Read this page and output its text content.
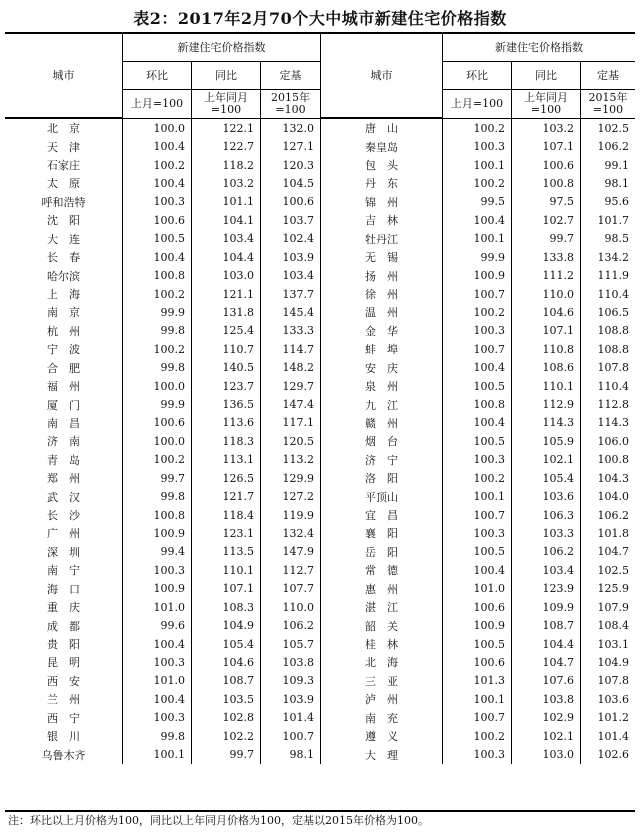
表2：2017年2月70个大中城市新建住宅价格指数
城市
新建住宅价格指数
环比	同比	定基
上月=100	上年同月=100
2015年=100
城市
新建住宅价格指数
环比	同比	定基
上月=100	上年同月=100
2015年=100
北　京	100.0	122.1	132.0	唐　山	100.2	103.2	102.5
天　津	100.4	122.7	127.1	秦皇岛	100.3	107.1	106.2
石家庄	100.2	118.2	120.3	包　头	100.1	100.6	99.1
太　原	100.4	103.2	104.5	丹　东	100.2	100.8	98.1
呼和浩特	100.3	101.1	100.6	锦　州	99.5	97.5	95.6
沈　阳	100.6	104.1	103.7	吉　林	100.4	102.7	101.7
大　连	100.5	103.4	102.4	牡丹江	100.1	99.7	98.5
长　春	100.4	104.4	103.9	无　锡	99.9	133.8	134.2
哈尔滨	100.8	103.0	103.4	扬　州	100.9	111.2	111.9
上　海	100.2	121.1	137.7	徐　州	100.7	110.0	110.4
南　京	99.9	131.8	145.4	温　州	100.2	104.6	106.5
杭　州	99.8	125.4	133.3	金　华	100.3	107.1	108.8
宁　波	100.2	110.7	114.7	蚌　埠	100.7	110.8	108.8
合　肥	99.8	140.5	148.2	安　庆	100.4	108.6	107.8
福　州	100.0	123.7	129.7	泉　州	100.5	110.1	110.4
厦　门	99.9	136.5	147.4	九　江	100.8	112.9	112.8
南　昌	100.6	113.6	117.1	赣　州	100.4	114.3	114.3
济　南	100.0	118.3	120.5	烟　台	100.5	105.9	106.0
青　岛	100.2	113.1	113.2	济　宁	100.3	102.1	100.8
郑　州	99.7	126.5	129.9	洛　阳	100.2	105.4	104.3
武　汉	99.8	121.7	127.2	平顶山	100.1	103.6	104.0
长　沙	100.8	118.4	119.9	宜　昌	100.7	106.3	106.2
广　州	100.9	123.1	132.4	襄　阳	100.3	103.3	101.8
深　圳	99.4	113.5	147.9	岳　阳	100.5	106.2	104.7
南　宁	100.3	110.1	112.7	常　德	100.4	103.4	102.5
海　口	100.9	107.1	107.7	惠　州	101.0	123.9	125.9
重　庆	101.0	108.3	110.0	湛　江	100.6	109.9	107.9
成　都	99.6	104.9	106.2	韶　关	100.9	108.7	108.4
贵　阳	100.4	105.4	105.7	桂　林	100.5	104.4	103.1
昆　明	100.3	104.6	103.8	北　海	100.6	104.7	104.9
西　安	101.0	108.7	109.3	三　亚	101.3	107.6	107.8
兰　州	100.4	103.5	103.9	泸　州	100.1	103.8	103.6
西　宁	100.3	102.8	101.4	南　充	100.7	102.9	101.2
银　川	99.8	102.2	100.7	遵　义	100.2	102.1	101.4
乌鲁木齐	100.1	99.7	98.1	大　理	100.3	103.0	102.6
注：环比以上月价格为100，同比以上年同月价格为100，定基以2015年价格为100。
